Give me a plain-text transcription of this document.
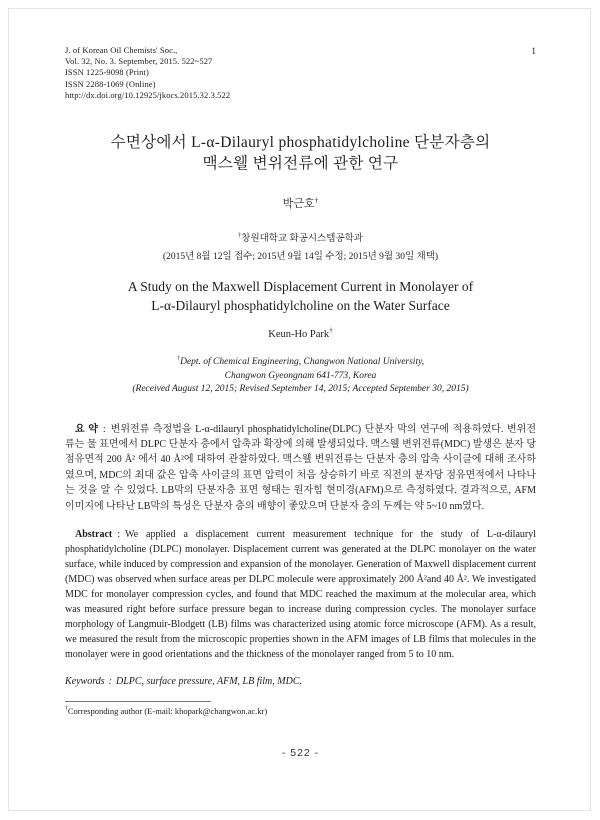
J. of Korean Oil Chemists' Soc.,
Vol. 32, No. 3. September, 2015. 522~527
ISSN 1225-9098 (Print)
ISSN 2288-1069 (Online)
http://dx.doi.org/10.12925/jkocs.2015.32.3.522
1
수면상에서 L-α-Dilauryl phosphatidylcholine 단분자층의
맥스웰 변위전류에 관한 연구
박근호†
†창원대학교 화공시스템공학과
(2015년 8월 12일 접수; 2015년 9월 14일 수정; 2015년 9월 30일 채택)
A Study on the Maxwell Displacement Current in Monolayer of
L-α-Dilauryl phosphatidylcholine on the Water Surface
Keun-Ho Park†
†Dept. of Chemical Engineering, Changwon National University,
Changwon Gyeongnam 641-773, Korea
(Received August 12, 2015; Revised September 14, 2015; Accepted September 30, 2015)

요 약 : 변위전류 측정법을 L-α-dilauryl phosphatidylcholine(DLPC) 단분자 막의 연구에 적용하였다. 변위전류는 물 표면에서 DLPC 단분자 층에서 압축과 확장에 의해 발생되었다. 맥스웰 변위전류(MDC) 발생은 분자 당 점유면적 200 Å² 에서 40 Å²에 대하여 관찰하였다. 맥스웰 변위전류는 단분자 층의 압축 사이클에 대해 조사하였으며, MDC의 최대 값은 압축 사이클의 표면 압력이 처음 상승하기 바로 직전의 분자당 점유면적에서 나타나는 것을 알 수 있었다. LB막의 단분자층 표면 형태는 원자힘 현미경(AFM)으로 측정하였다. 결과적으로, AFM 이미지에 나타난 LB막의 특성은 단분자 층의 배향이 좋았으며 단분자 층의 두께는 약 5~10 nm였다.

Abstract : We applied a displacement current measurement technique for the study of L-α-dilauryl phosphatidylcholine (DLPC) monolayer. Displacement current was generated at the DLPC monolayer on the water surface, while induced by compression and expansion of the monolayer. Generation of Maxwell displacement current (MDC) was observed when surface areas per DLPC molecule were approximately 200 Å²and 40 Å². We investigated MDC for monolayer compression cycles, and found that MDC reached the maximum at the molecular area, which was measured right before surface pressure began to increase during compression cycles. The monolayer surface morphology of Langmuir-Blodgett (LB) films was characterized using atomic force microscope (AFM). As a result, we measured the result from the microscopic properties shown in the AFM images of LB films that molecules in the monolayer were in good orientations and the thickness of the monolayer ranged from 5 to 10 nm.

Keywords : DLPC, surface pressure, AFM, LB film, MDC.

†Corresponding author (E-mail: khopark@changwon.ac.kr)
- 522 -
